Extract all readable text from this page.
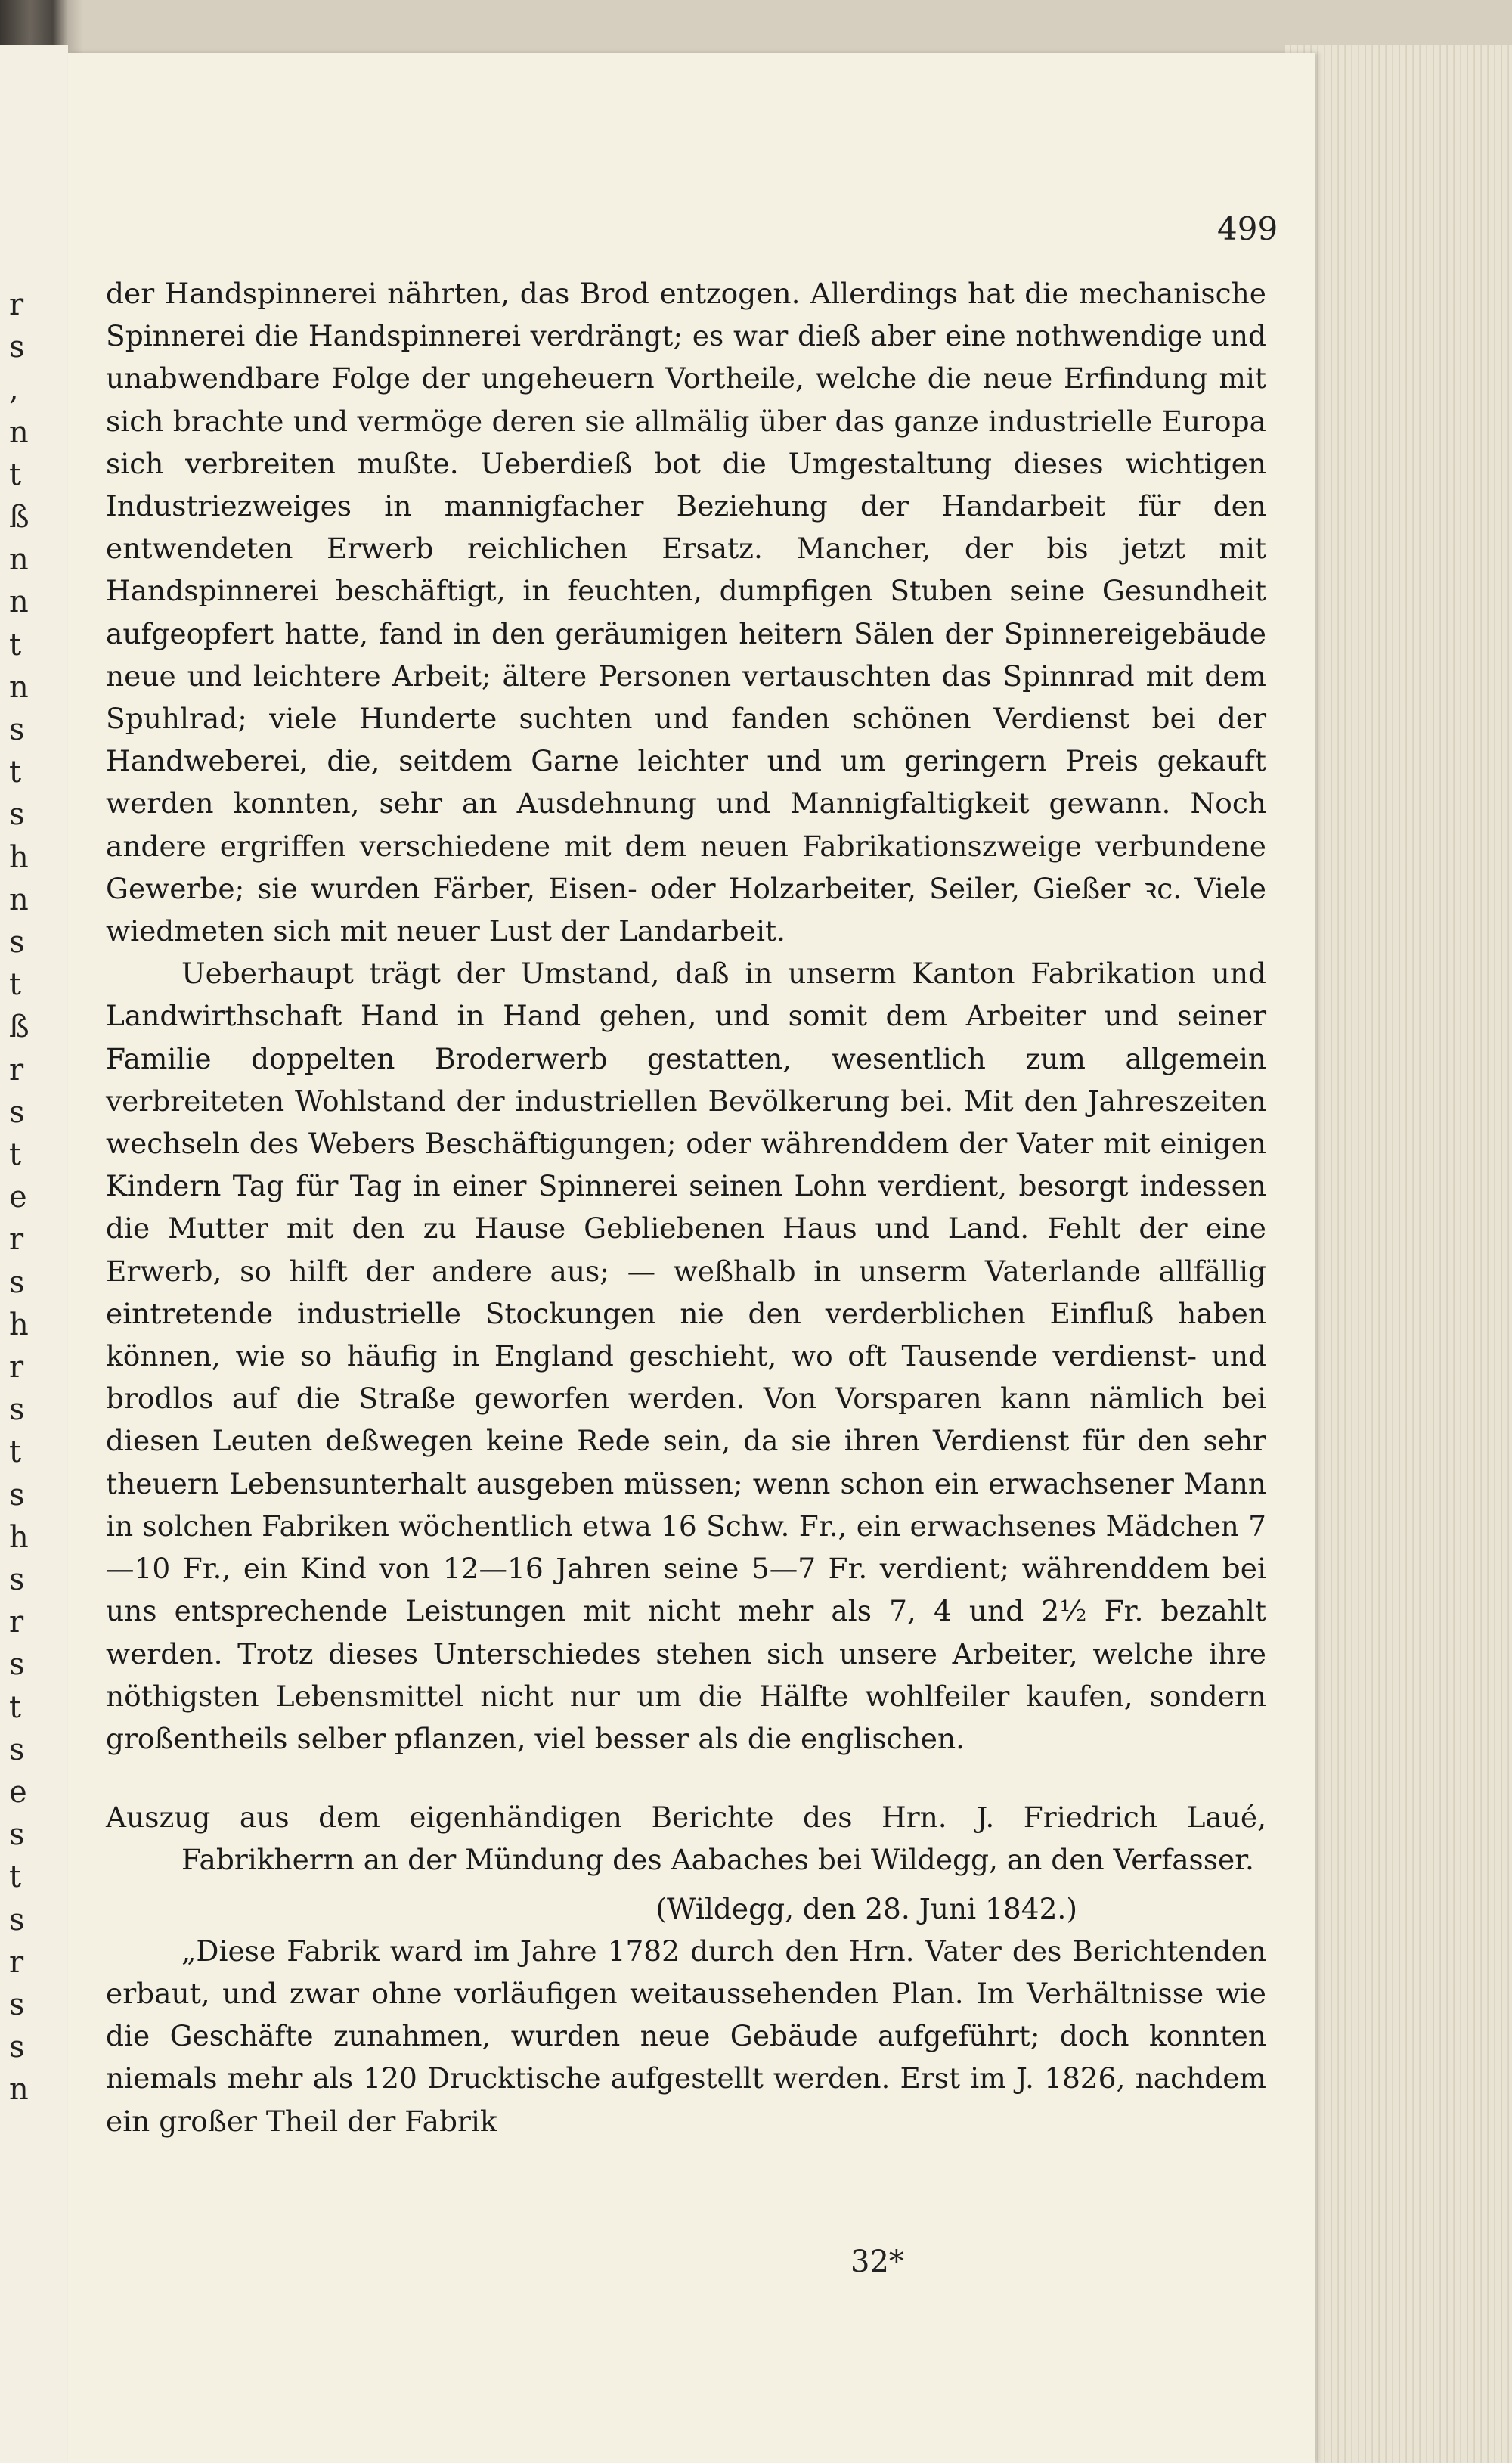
r
s
,
n
t
ß
n
n
t
n
s
t
s
h
n
s
t
ß
r
s
t
e
r
s
h
r
s
t
s
h
s
r
s
t
s
e
s
t
s
r
s
s
n
499

der Handspinnerei nährten, das Brod entzogen. Allerdings hat die mechanische Spinnerei die Handspinnerei verdrängt; es war dieß aber eine nothwendige und unabwendbare Folge der ungeheuern Vortheile, welche die neue Erfindung mit sich brachte und vermöge deren sie allmälig über das ganze industrielle Europa sich verbreiten mußte. Ueberdieß bot die Umgestaltung dieses wichtigen Industriezweiges in mannigfacher Beziehung der Handarbeit für den entwendeten Erwerb reichlichen Ersatz. Mancher, der bis jetzt mit Handspinnerei beschäftigt, in feuchten, dumpfigen Stuben seine Gesundheit aufgeopfert hatte, fand in den geräumigen heitern Sälen der Spinnereigebäude neue und leichtere Arbeit; ältere Personen vertauschten das Spinnrad mit dem Spuhlrad; viele Hunderte suchten und fanden schönen Verdienst bei der Handweberei, die, seitdem Garne leichter und um geringern Preis gekauft werden konnten, sehr an Ausdehnung und Mannigfaltigkeit gewann. Noch andere ergriffen verschiedene mit dem neuen Fabrikationszweige verbundene Gewerbe; sie wurden Färber, Eisen- oder Holzarbeiter, Seiler, Gießer ꝛc. Viele wiedmeten sich mit neuer Lust der Landarbeit.

Ueberhaupt trägt der Umstand, daß in unserm Kanton Fabrikation und Landwirthschaft Hand in Hand gehen, und somit dem Arbeiter und seiner Familie doppelten Broderwerb gestatten, wesentlich zum allgemein verbreiteten Wohlstand der industriellen Bevölkerung bei. Mit den Jahreszeiten wechseln des Webers Beschäftigungen; oder währenddem der Vater mit einigen Kindern Tag für Tag in einer Spinnerei seinen Lohn verdient, besorgt indessen die Mutter mit den zu Hause Gebliebenen Haus und Land. Fehlt der eine Erwerb, so hilft der andere aus; — weßhalb in unserm Vaterlande allfällig eintretende industrielle Stockungen nie den verderblichen Einfluß haben können, wie so häufig in England geschieht, wo oft Tausende verdienst- und brodlos auf die Straße geworfen werden. Von Vorsparen kann nämlich bei diesen Leuten deßwegen keine Rede sein, da sie ihren Verdienst für den sehr theuern Lebensunterhalt ausgeben müssen; wenn schon ein erwachsener Mann in solchen Fabriken wöchentlich etwa 16 Schw. Fr., ein erwachsenes Mädchen 7—10 Fr., ein Kind von 12—16 Jahren seine 5—7 Fr. verdient; währenddem bei uns entsprechende Leistungen mit nicht mehr als 7, 4 und 2½ Fr. bezahlt werden. Trotz dieses Unterschiedes stehen sich unsere Arbeiter, welche ihre nöthigsten Lebensmittel nicht nur um die Hälfte wohlfeiler kaufen, sondern großentheils selber pflanzen, viel besser als die englischen.

Auszug aus dem eigenhändigen Berichte des Hrn. J. Friedrich Laué, Fabrikherrn an der Mündung des Aabaches bei Wildegg, an den Verfasser.

(Wildegg, den 28. Juni 1842.)

„Diese Fabrik ward im Jahre 1782 durch den Hrn. Vater des Berichtenden erbaut, und zwar ohne vorläufigen weitaussehenden Plan. Im Verhältnisse wie die Geschäfte zunahmen, wurden neue Gebäude aufgeführt; doch konnten niemals mehr als 120 Drucktische aufgestellt werden. Erst im J. 1826, nachdem ein großer Theil der Fabrik

32*
